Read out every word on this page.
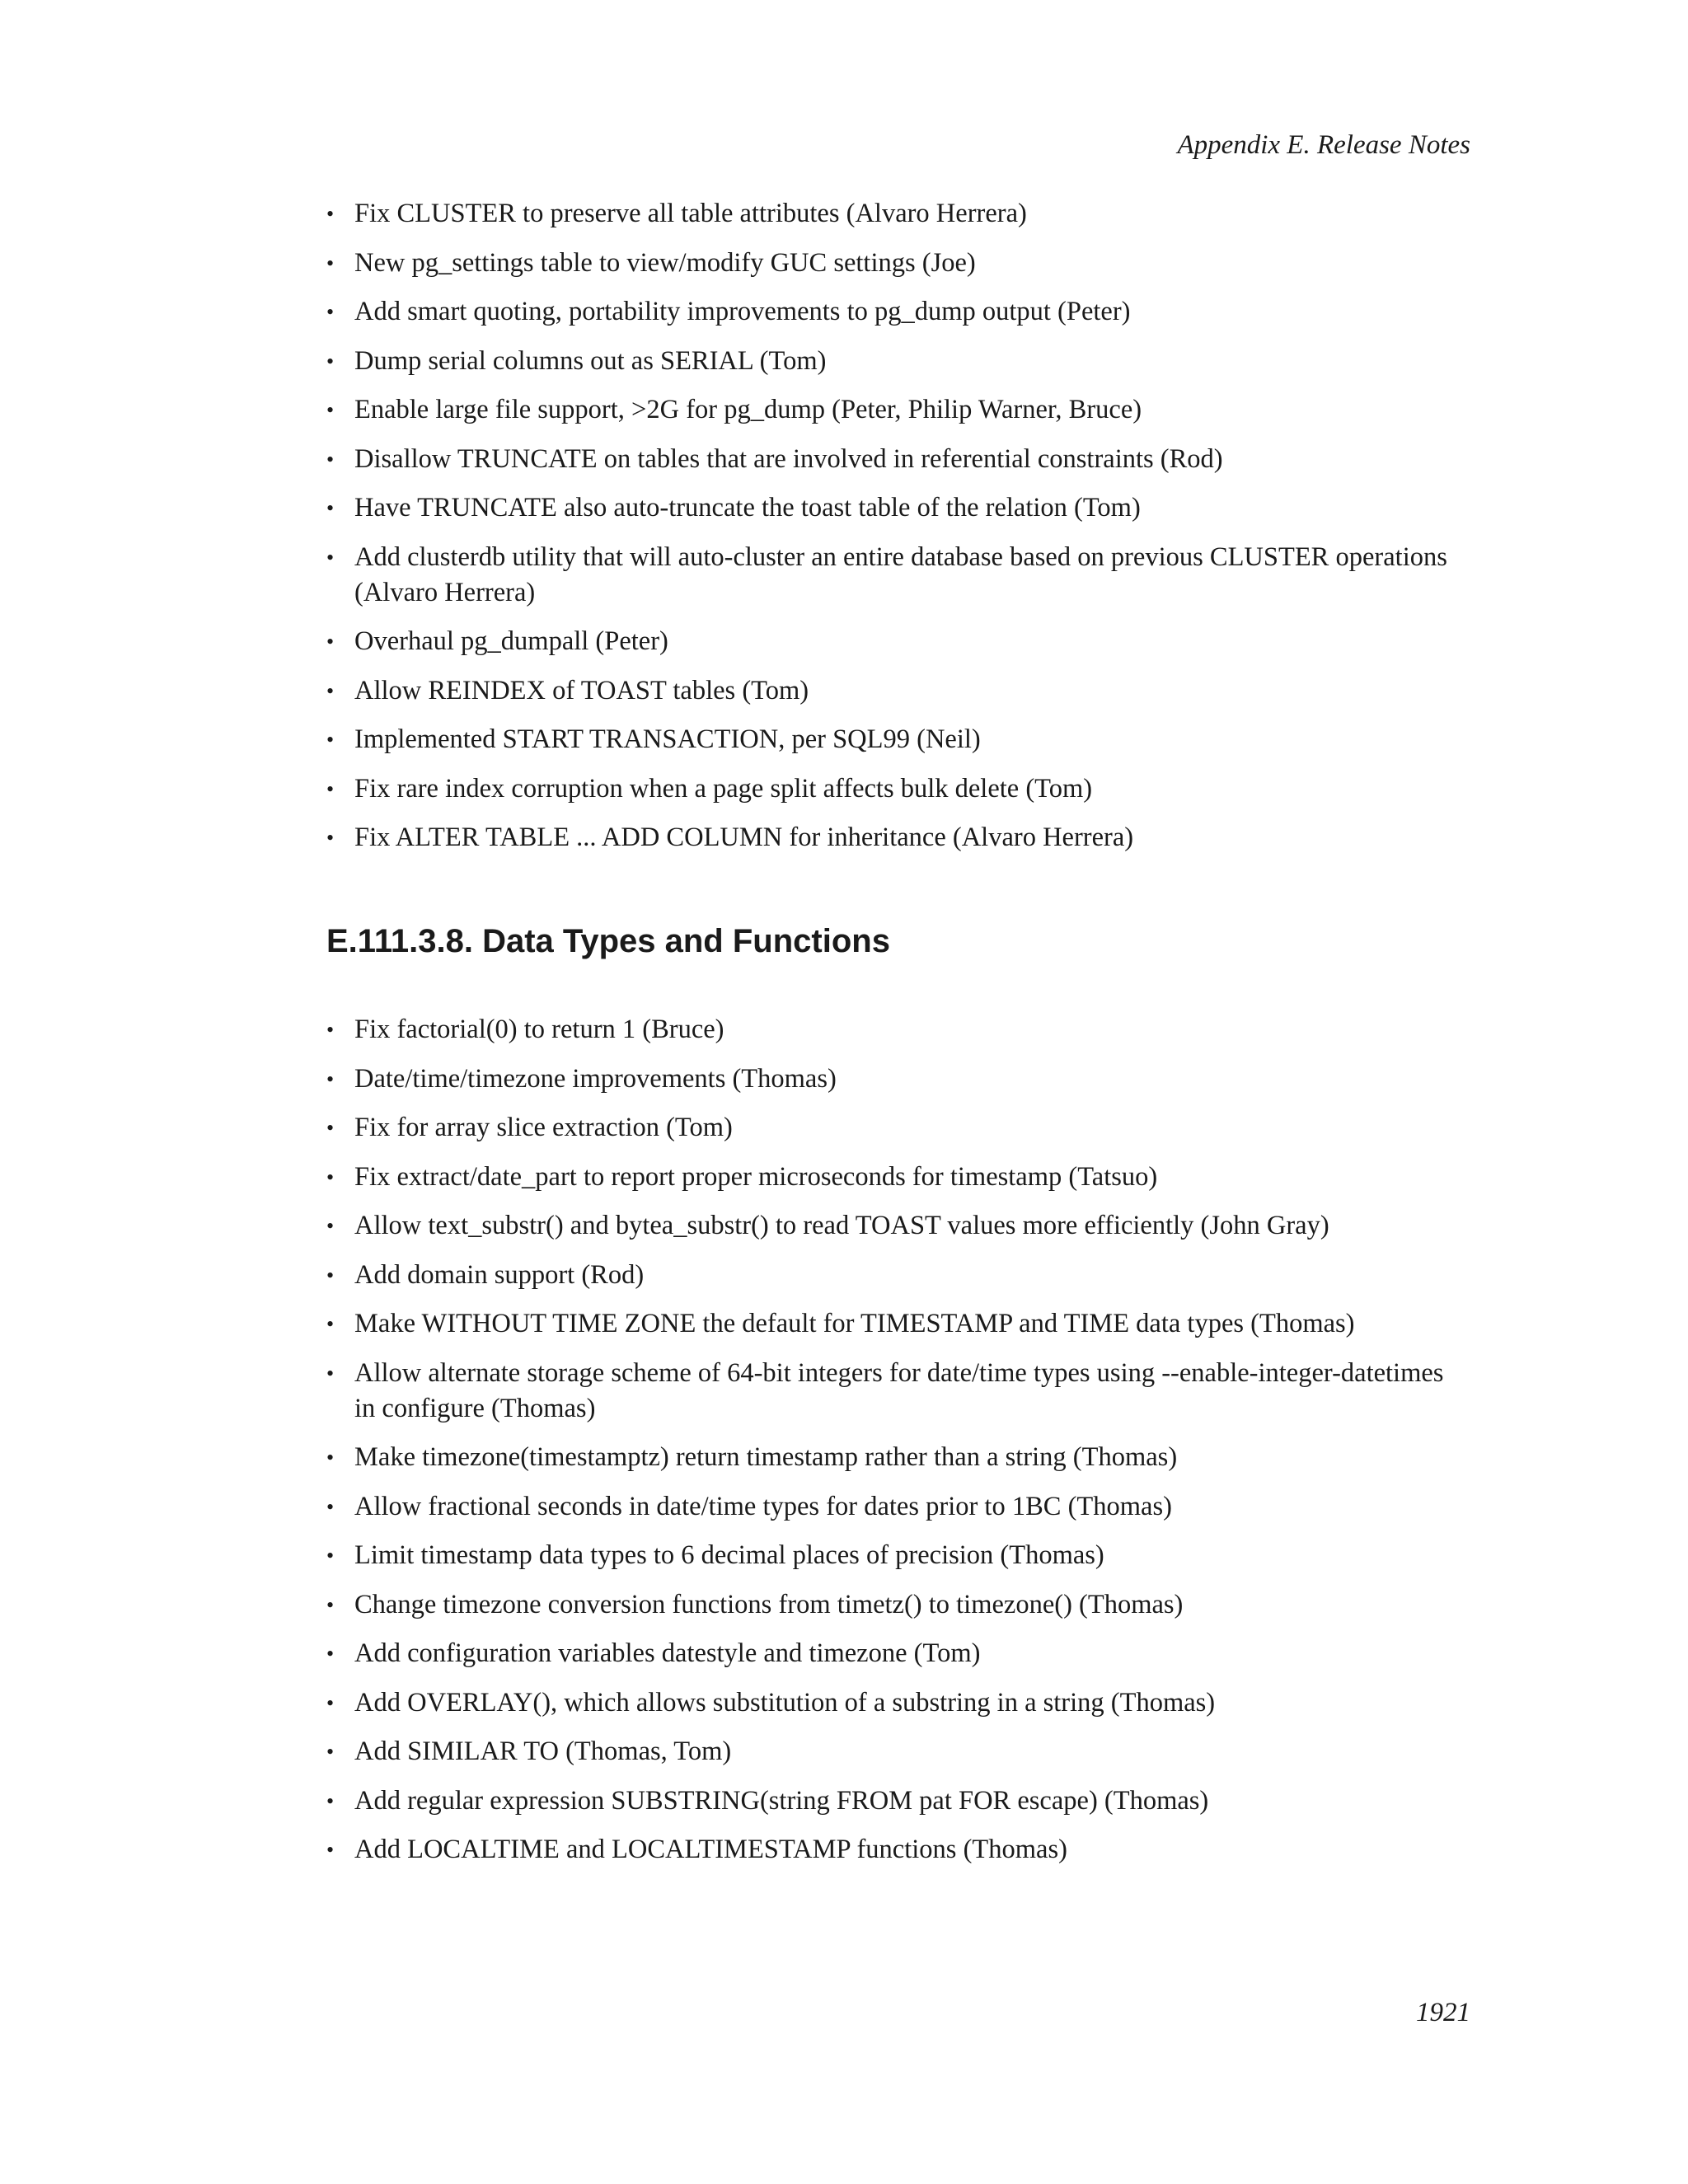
Appendix E. Release Notes
• Fix CLUSTER to preserve all table attributes (Alvaro Herrera)
• New pg_settings table to view/modify GUC settings (Joe)
• Add smart quoting, portability improvements to pg_dump output (Peter)
• Dump serial columns out as SERIAL (Tom)
• Enable large file support, >2G for pg_dump (Peter, Philip Warner, Bruce)
• Disallow TRUNCATE on tables that are involved in referential constraints (Rod)
• Have TRUNCATE also auto-truncate the toast table of the relation (Tom)
• Add clusterdb utility that will auto-cluster an entire database based on previous CLUSTER operations (Alvaro Herrera)
• Overhaul pg_dumpall (Peter)
• Allow REINDEX of TOAST tables (Tom)
• Implemented START TRANSACTION, per SQL99 (Neil)
• Fix rare index corruption when a page split affects bulk delete (Tom)
• Fix ALTER TABLE ... ADD COLUMN for inheritance (Alvaro Herrera)
E.111.3.8. Data Types and Functions
• Fix factorial(0) to return 1 (Bruce)
• Date/time/timezone improvements (Thomas)
• Fix for array slice extraction (Tom)
• Fix extract/date_part to report proper microseconds for timestamp (Tatsuo)
• Allow text_substr() and bytea_substr() to read TOAST values more efficiently (John Gray)
• Add domain support (Rod)
• Make WITHOUT TIME ZONE the default for TIMESTAMP and TIME data types (Thomas)
• Allow alternate storage scheme of 64-bit integers for date/time types using --enable-integer-datetimes in configure (Thomas)
• Make timezone(timestamptz) return timestamp rather than a string (Thomas)
• Allow fractional seconds in date/time types for dates prior to 1BC (Thomas)
• Limit timestamp data types to 6 decimal places of precision (Thomas)
• Change timezone conversion functions from timetz() to timezone() (Thomas)
• Add configuration variables datestyle and timezone (Tom)
• Add OVERLAY(), which allows substitution of a substring in a string (Thomas)
• Add SIMILAR TO (Thomas, Tom)
• Add regular expression SUBSTRING(string FROM pat FOR escape) (Thomas)
• Add LOCALTIME and LOCALTIMESTAMP functions (Thomas)
1921
